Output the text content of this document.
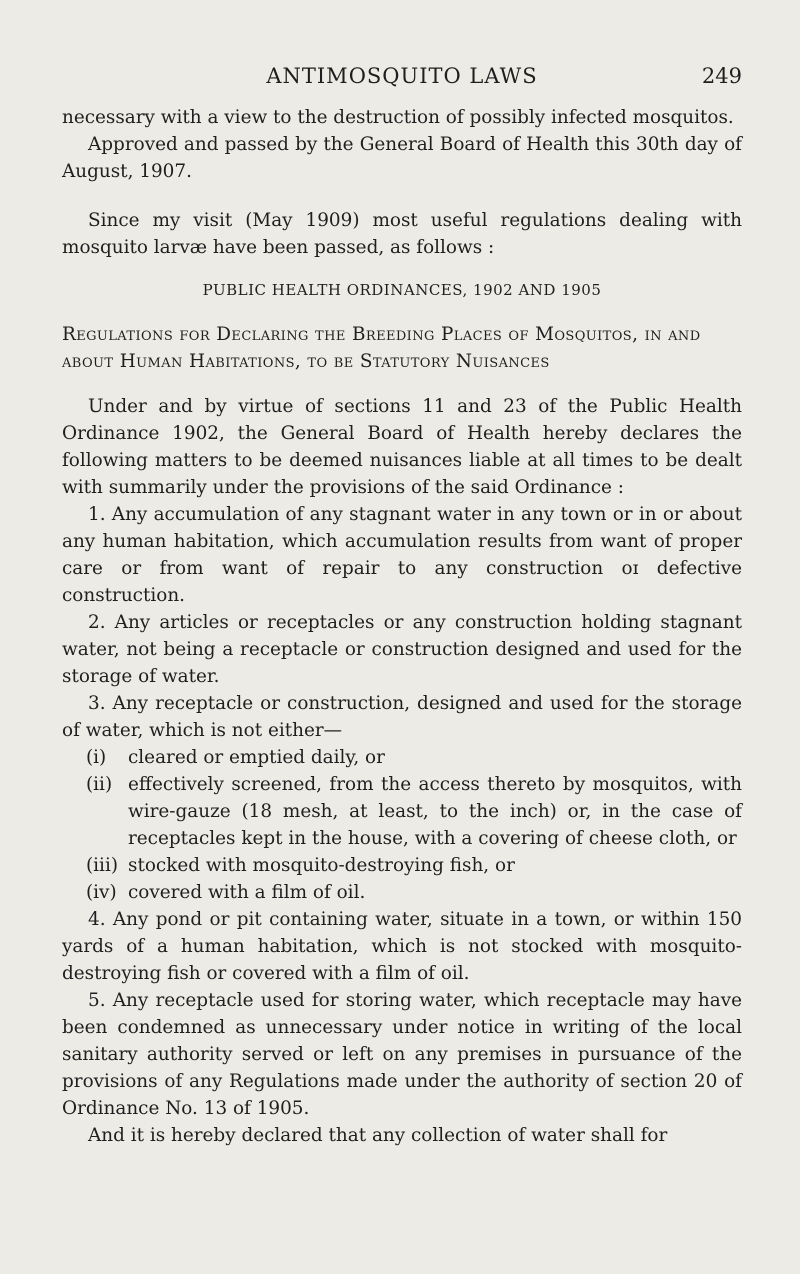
ANTIMOSQUITO LAWS	249

necessary with a view to the destruction of possibly infected mosquitos.

Approved and passed by the General Board of Health this 30th day of August, 1907.

Since my visit (May 1909) most useful regulations dealing with mosquito larvæ have been passed, as follows :

PUBLIC HEALTH ORDINANCES, 1902 AND 1905
Regulations for Declaring the Breeding Places of Mosquitos, in and about Human Habitations, to be Statutory Nuisances

Under and by virtue of sections 11 and 23 of the Public Health Ordinance 1902, the General Board of Health hereby declares the following matters to be deemed nuisances liable at all times to be dealt with summarily under the provisions of the said Ordinance :

1. Any accumulation of any stagnant water in any town or in or about any human habitation, which accumulation results from want of proper care or from want of repair to any construction oɪ defective construction.

2. Any articles or receptacles or any construction holding stagnant water, not being a receptacle or construction designed and used for the storage of water.

3. Any receptacle or construction, designed and used for the storage of water, which is not either—

(i) cleared or emptied daily, or

(ii) effectively screened, from the access thereto by mosquitos, with wire-gauze (18 mesh, at least, to the inch) or, in the case of receptacles kept in the house, with a covering of cheese cloth, or

(iii) stocked with mosquito-destroying fish, or

(iv) covered with a film of oil.

4. Any pond or pit containing water, situate in a town, or within 150 yards of a human habitation, which is not stocked with mosquito-destroying fish or covered with a film of oil.

5. Any receptacle used for storing water, which receptacle may have been condemned as unnecessary under notice in writing of the local sanitary authority served or left on any premises in pursuance of the provisions of any Regulations made under the authority of section 20 of Ordinance No. 13 of 1905.

And it is hereby declared that any collection of water shall for
